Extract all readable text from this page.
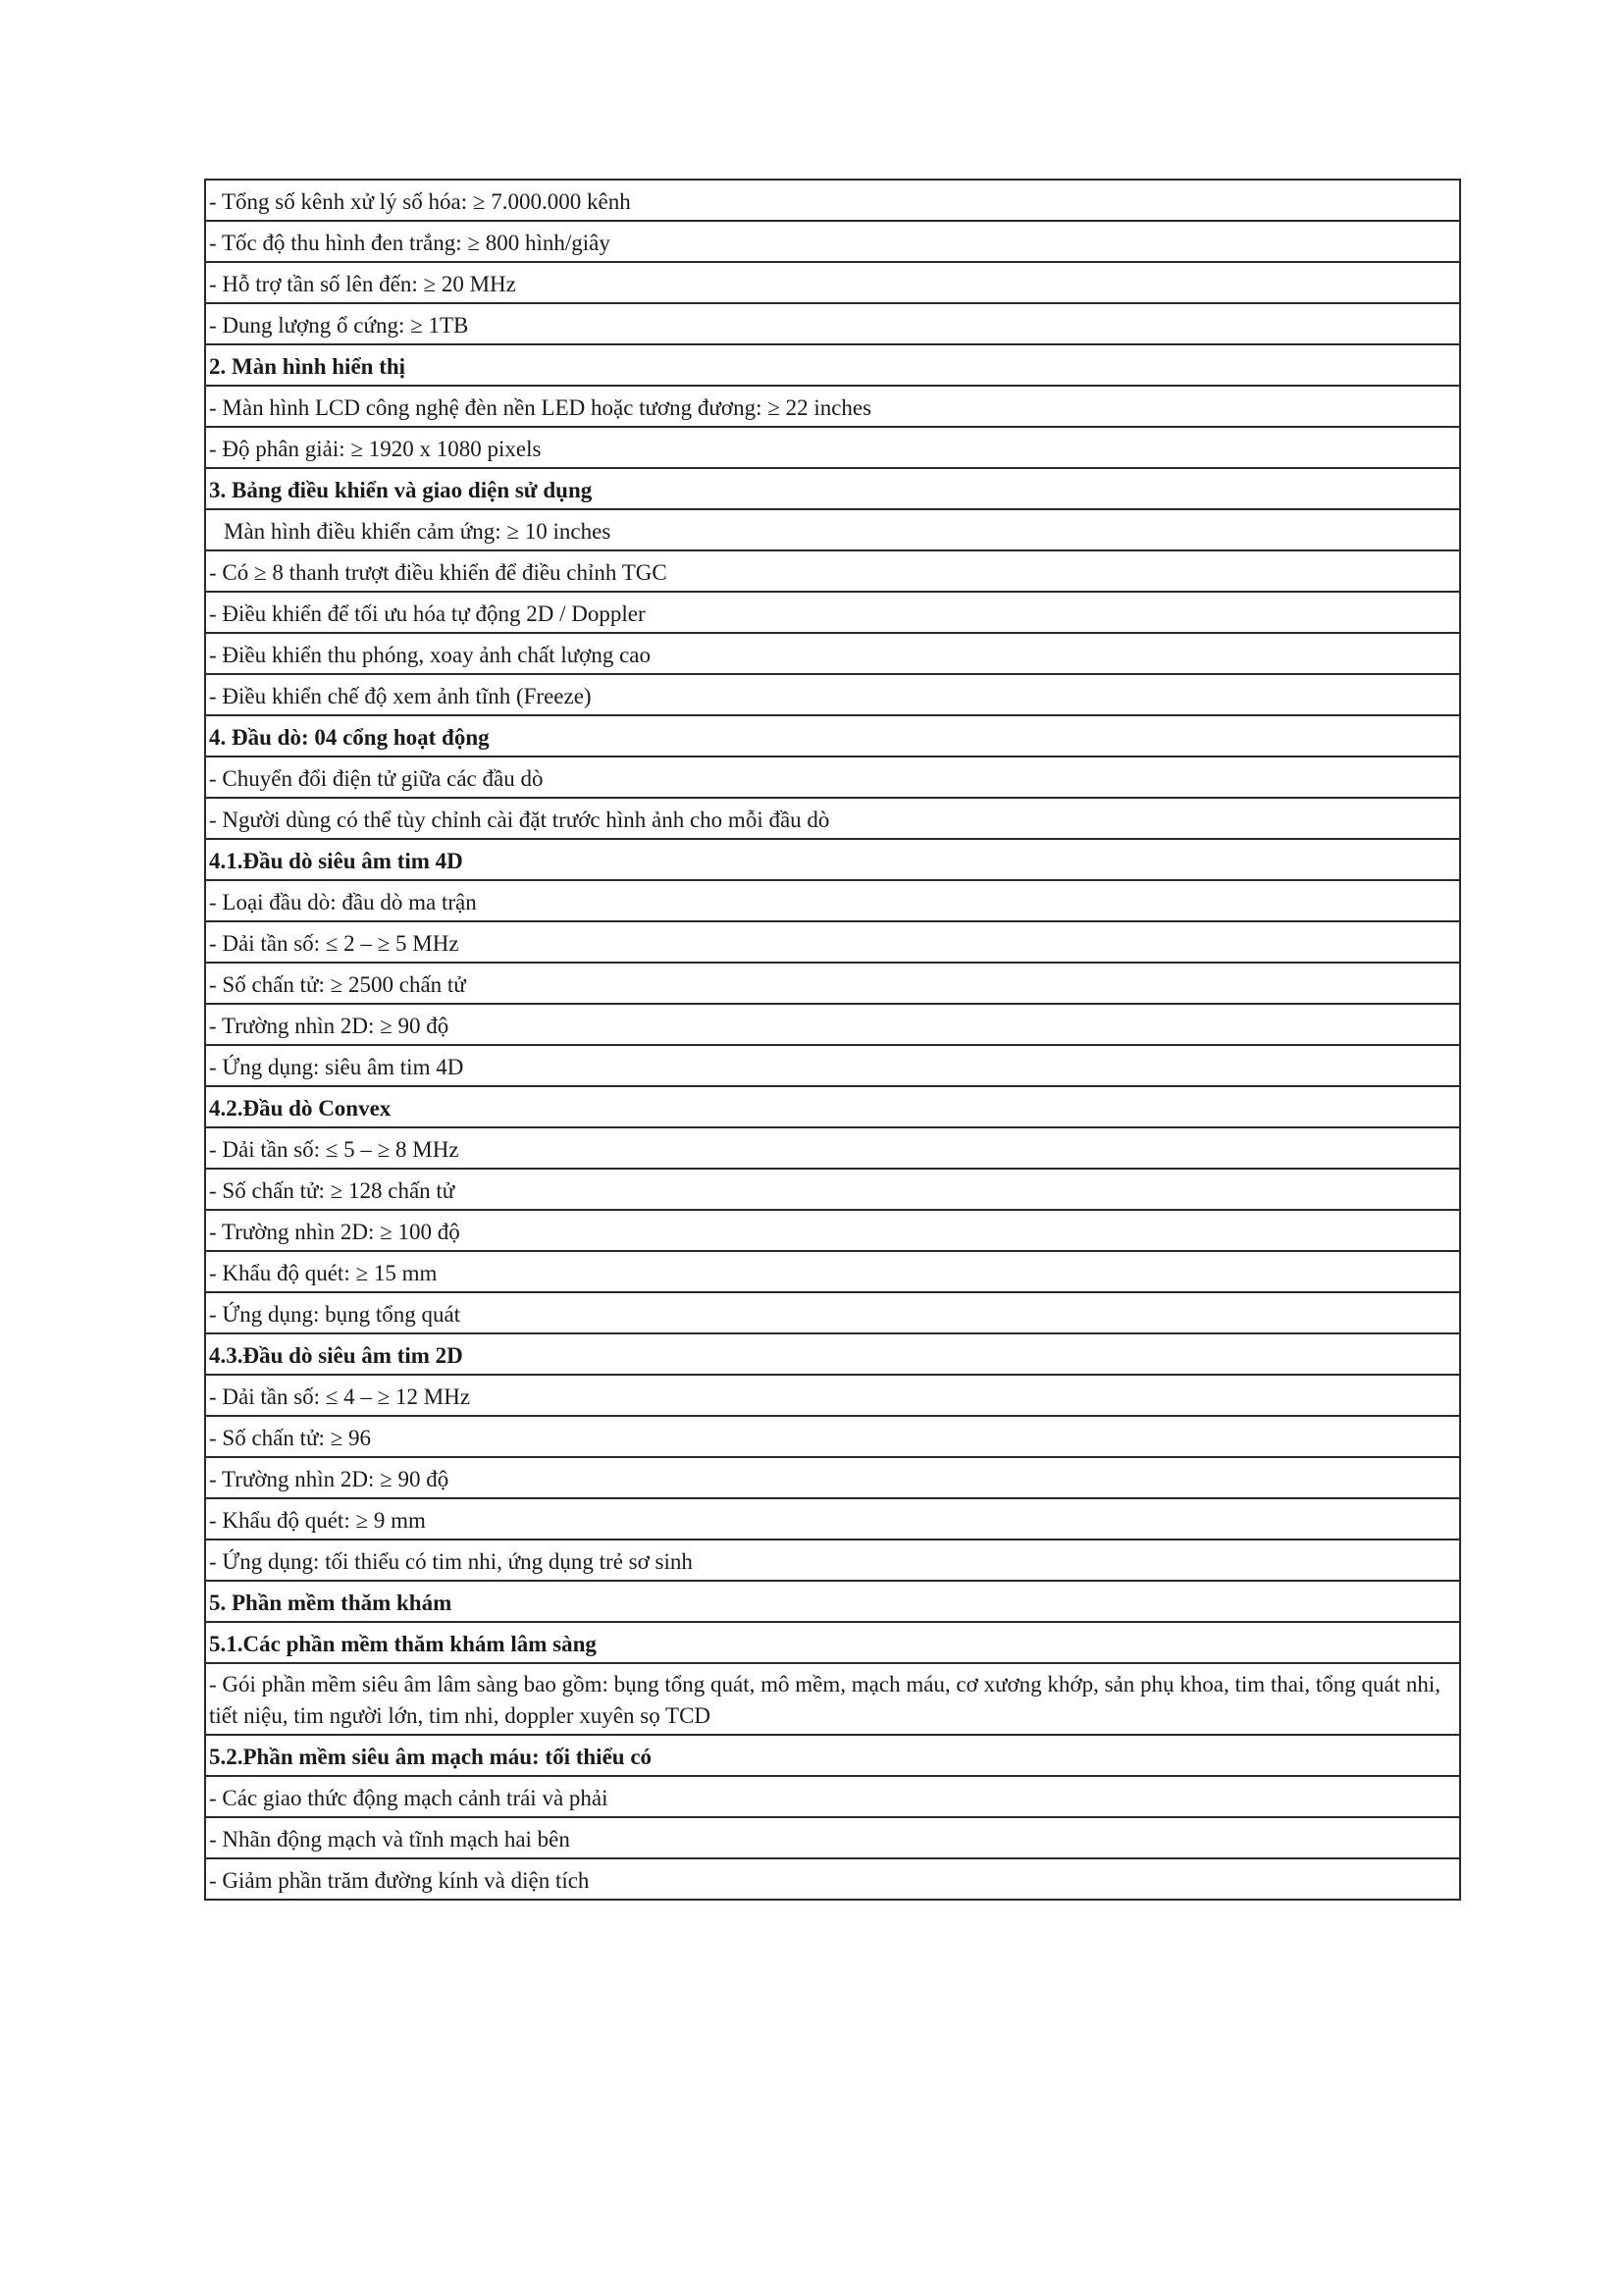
- Tổng số kênh xử lý số hóa: ≥ 7.000.000 kênh
- Tốc độ thu hình đen trắng: ≥ 800 hình/giây
- Hỗ trợ tần số lên đến: ≥ 20 MHz
- Dung lượng ổ cứng: ≥ 1TB
2. Màn hình hiển thị
- Màn hình LCD công nghệ đèn nền LED hoặc tương đương: ≥ 22 inches
- Độ phân giải: ≥ 1920 x 1080 pixels
3. Bảng điều khiển và giao diện sử dụng
Màn hình điều khiển cảm ứng: ≥ 10 inches
- Có ≥ 8 thanh trượt điều khiển để điều chỉnh TGC
- Điều khiển để tối ưu hóa tự động 2D / Doppler
- Điều khiển thu phóng, xoay ảnh chất lượng cao
- Điều khiển chế độ xem ảnh tĩnh (Freeze)
4. Đầu dò: 04 cổng hoạt động
- Chuyển đổi điện tử giữa các đầu dò
- Người dùng có thể tùy chỉnh cài đặt trước hình ảnh cho mỗi đầu dò
4.1.Đầu dò siêu âm tim 4D
- Loại đầu dò: đầu dò ma trận
- Dải tần số: ≤ 2 – ≥ 5 MHz
- Số chấn tử: ≥ 2500 chấn tử
- Trường nhìn 2D: ≥ 90 độ
- Ứng dụng: siêu âm tim 4D
4.2.Đầu dò Convex
- Dải tần số: ≤ 5 – ≥ 8 MHz
- Số chấn tử: ≥ 128 chấn tử
- Trường nhìn 2D: ≥ 100 độ
- Khẩu độ quét: ≥ 15 mm
- Ứng dụng: bụng tổng quát
4.3.Đầu dò siêu âm tim 2D
- Dải tần số: ≤ 4 – ≥ 12 MHz
- Số chấn tử: ≥ 96
- Trường nhìn 2D: ≥ 90 độ
- Khẩu độ quét: ≥ 9 mm
- Ứng dụng: tối thiểu có tim nhi, ứng dụng trẻ sơ sinh
5. Phần mềm thăm khám
5.1.Các phần mềm thăm khám lâm sàng
- Gói phần mềm siêu âm lâm sàng bao gồm: bụng tổng quát, mô mềm, mạch máu, cơ xương khớp, sản phụ khoa, tim thai, tổng quát nhi, tiết niệu, tim người lớn, tim nhi, doppler xuyên sọ TCD
5.2.Phần mềm siêu âm mạch máu: tối thiểu có
- Các giao thức động mạch cảnh trái và phải
- Nhãn động mạch và tĩnh mạch hai bên
- Giảm phần trăm đường kính và diện tích
